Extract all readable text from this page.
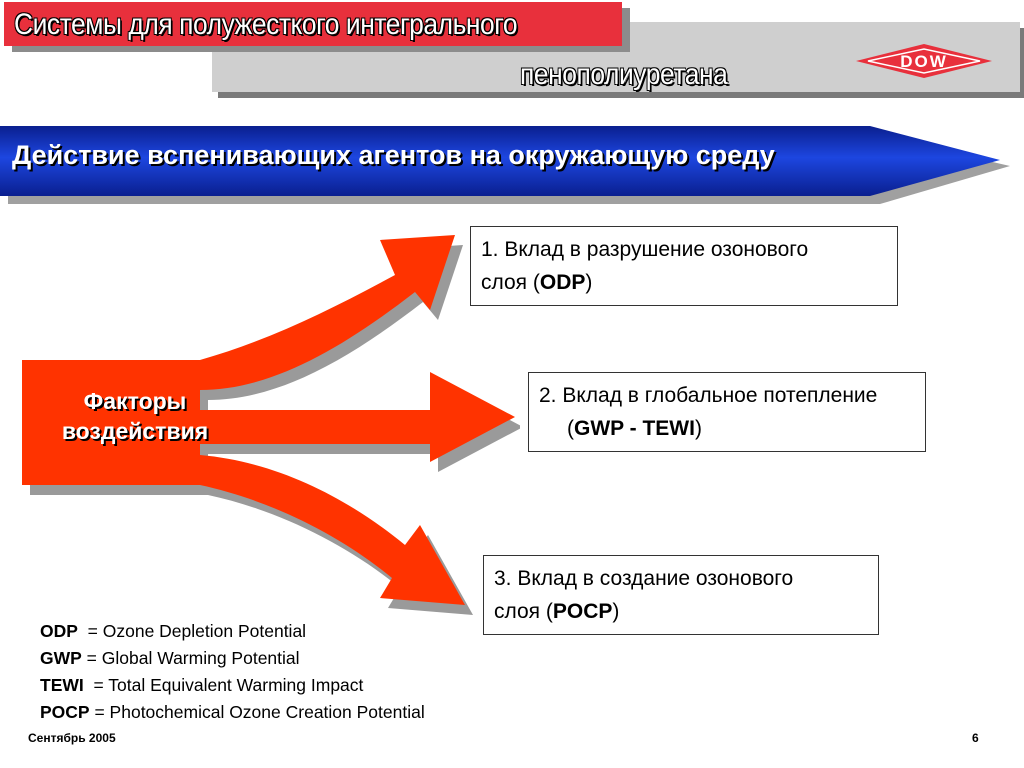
пенополиуретана
Системы для полужесткого интегрального
DOW
Действие вспенивающих агентов на окружающую среду
Факторы
воздействия
1. Вклад в разрушение озонового
слоя (ODP)
2. Вклад в глобальное потепление
(GWP - TEWI)
3. Вклад в создание озонового
слоя (POCP)
ODP  = Ozone Depletion Potential
GWP = Global Warming Potential
TEWI  = Total Equivalent Warming Impact
POCP = Photochemical Ozone Creation Potential
Сентябрь 2005	6
